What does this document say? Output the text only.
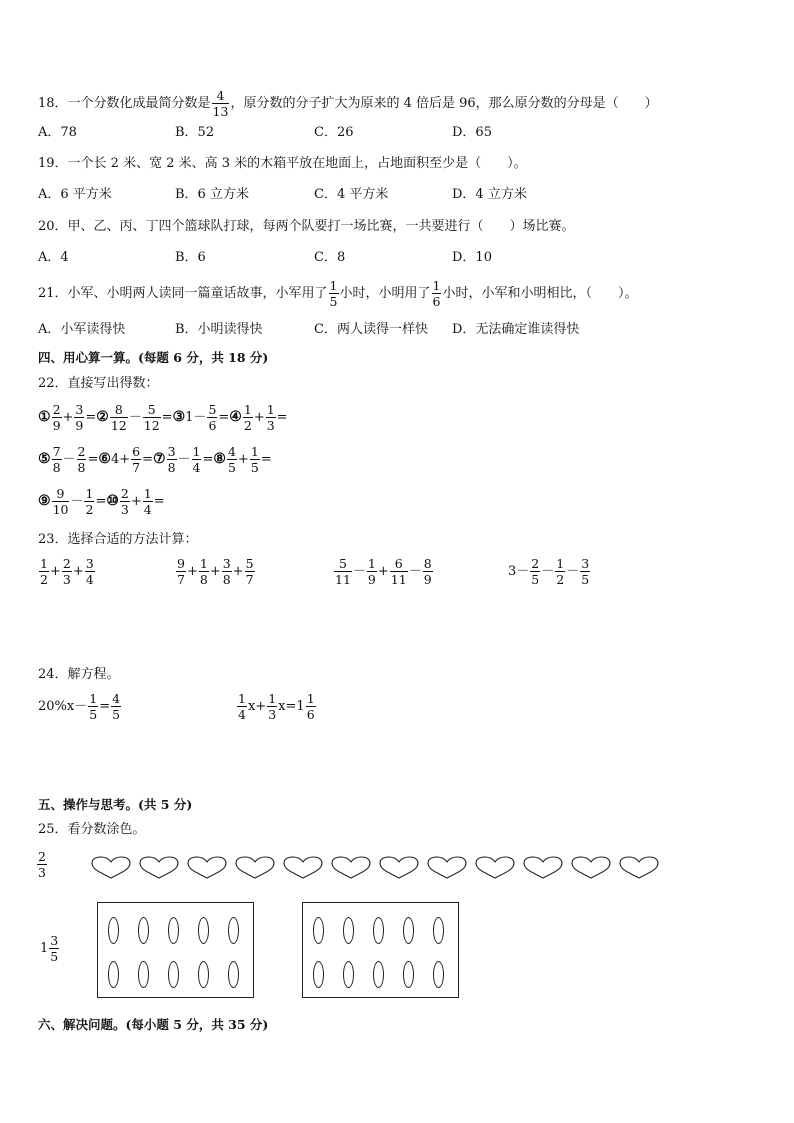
18．一个分数化成最简分数是 $\frac{4}{13}$ ，原分数的分子扩大为原来的 4 倍后是 96，那么原分数的分母是（　　）
A．78	B．52	C．26	D．65
19．一个长 2 米、宽 2 米、高 3 米的木箱平放在地面上，占地面积至少是（　　）。
A．6 平方米	B．6 立方米	C．4 平方米	D．4 立方米
20．甲、乙、丙、丁四个篮球队打球，每两个队要打一场比赛，一共要进行（　　）场比赛。
A．4	B．6	C．8	D．10
21．小军、小明两人读同一篇童话故事，小军用了 $\frac{1}{5}$ 小时，小明用了 $\frac{1}{6}$ 小时，小军和小明相比，（　　）。
A．小军读得快	B．小明读得快	C．两人读得一样快 D．无法确定谁读得快
四、用心算一算。(每题 6 分，共 18 分)
22．直接写出得数：
① $\frac{2}{9} + \frac{3}{9}$ =② $\frac{8}{12} - \frac{5}{12}$ =③1－ $\frac{5}{6}$ =④ $\frac{1}{2} + \frac{1}{3}$ =
⑤ $\frac{7}{8} - \frac{2}{8}$ =⑥4+ $\frac{6}{7}$ =⑦ $\frac{3}{8} - \frac{1}{4}$ =⑧ $\frac{4}{5} + \frac{1}{5}$ =
⑨ $\frac{9}{10} - \frac{1}{2}$ =⑩ $\frac{2}{3} + \frac{1}{4}$ =
23．选择合适的方法计算：
$\frac{1}{2} + \frac{2}{3} + \frac{3}{4}$	$\frac{9}{7} + \frac{1}{8} + \frac{3}{8} + \frac{5}{7}$	$\frac{5}{11} - \frac{1}{9} + \frac{6}{11} - \frac{8}{9}$	$3- \frac{2}{5} - \frac{1}{2} - \frac{3}{5}$
24．解方程。
$20\%x- \frac{1}{5} = \frac{4}{5}$	$\frac{1}{4} x+ \frac{1}{3} x=1 \frac{1}{6}$
五、操作与思考。(共 5 分)
25．看分数涂色。
$\frac{2}{3}$
$1 \frac{3}{5}$
六、解决问题。(每小题 5 分，共 35 分)
